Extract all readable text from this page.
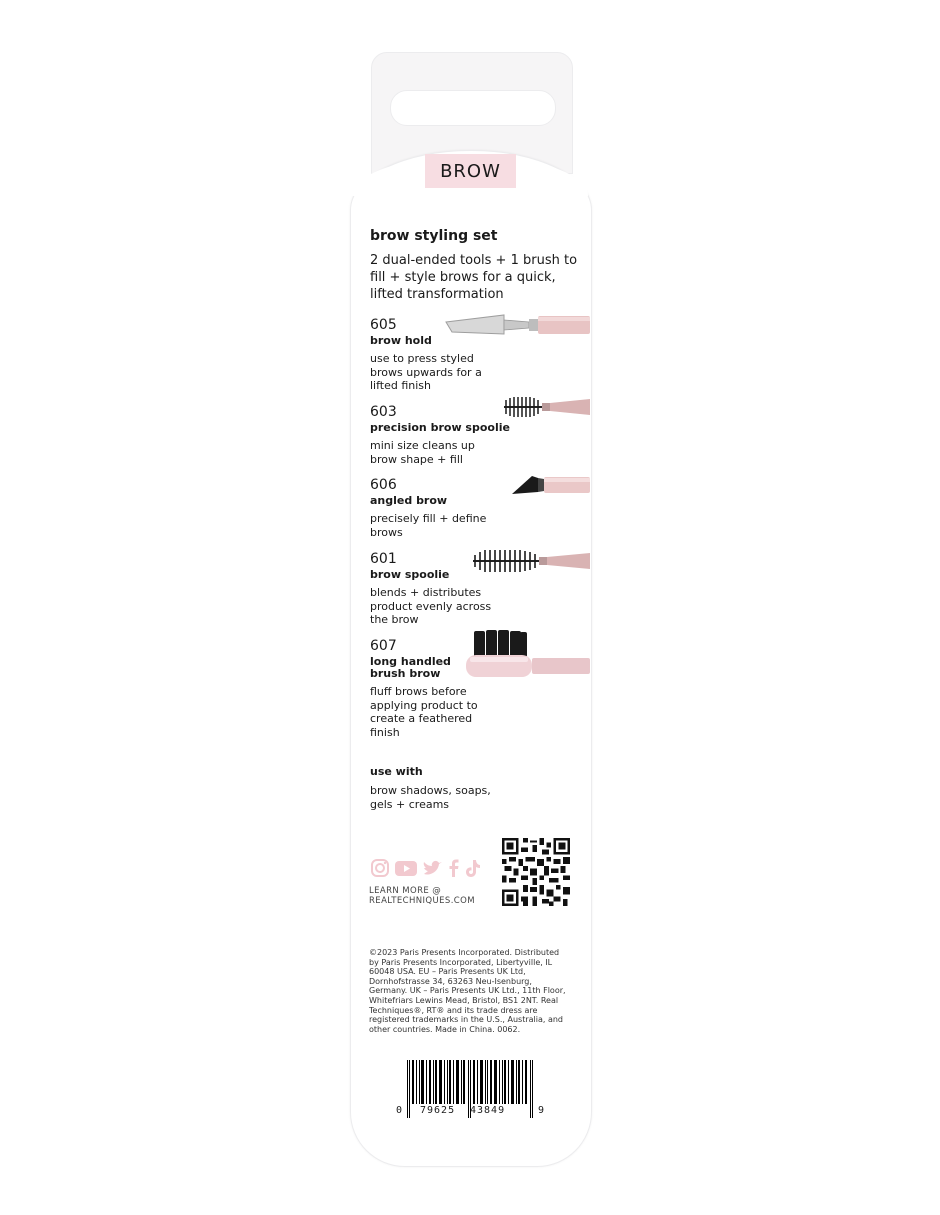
BROW
brow styling set
2 dual-ended tools + 1 brush to fill + style brows for a quick, lifted transformation
605
brow hold
use to press styled brows upwards for a lifted finish
603
precision brow spoolie
mini size cleans up brow shape + fill
606
angled brow
precisely fill + define brows
601
brow spoolie
blends + distributes product evenly across the brow
607
long handled brush brow
fluff brows before applying product to create a feathered finish
use with
brow shadows, soaps, gels + creams
LEARN MORE @
REALTECHNIQUES.COM
©2023 Paris Presents Incorporated. Distributed by Paris Presents Incorporated, Libertyville, IL 60048 USA. EU – Paris Presents UK Ltd, Dornhofstrasse 34, 63263 Neu-Isenburg, Germany. UK – Paris Presents UK Ltd., 11th Floor, Whitefriars Lewins Mead, Bristol, BS1 2NT. Real Techniques®, RT® and its trade dress are registered trademarks in the U.S., Australia, and other countries. Made in China. 0062.
0 79625 43849	9
